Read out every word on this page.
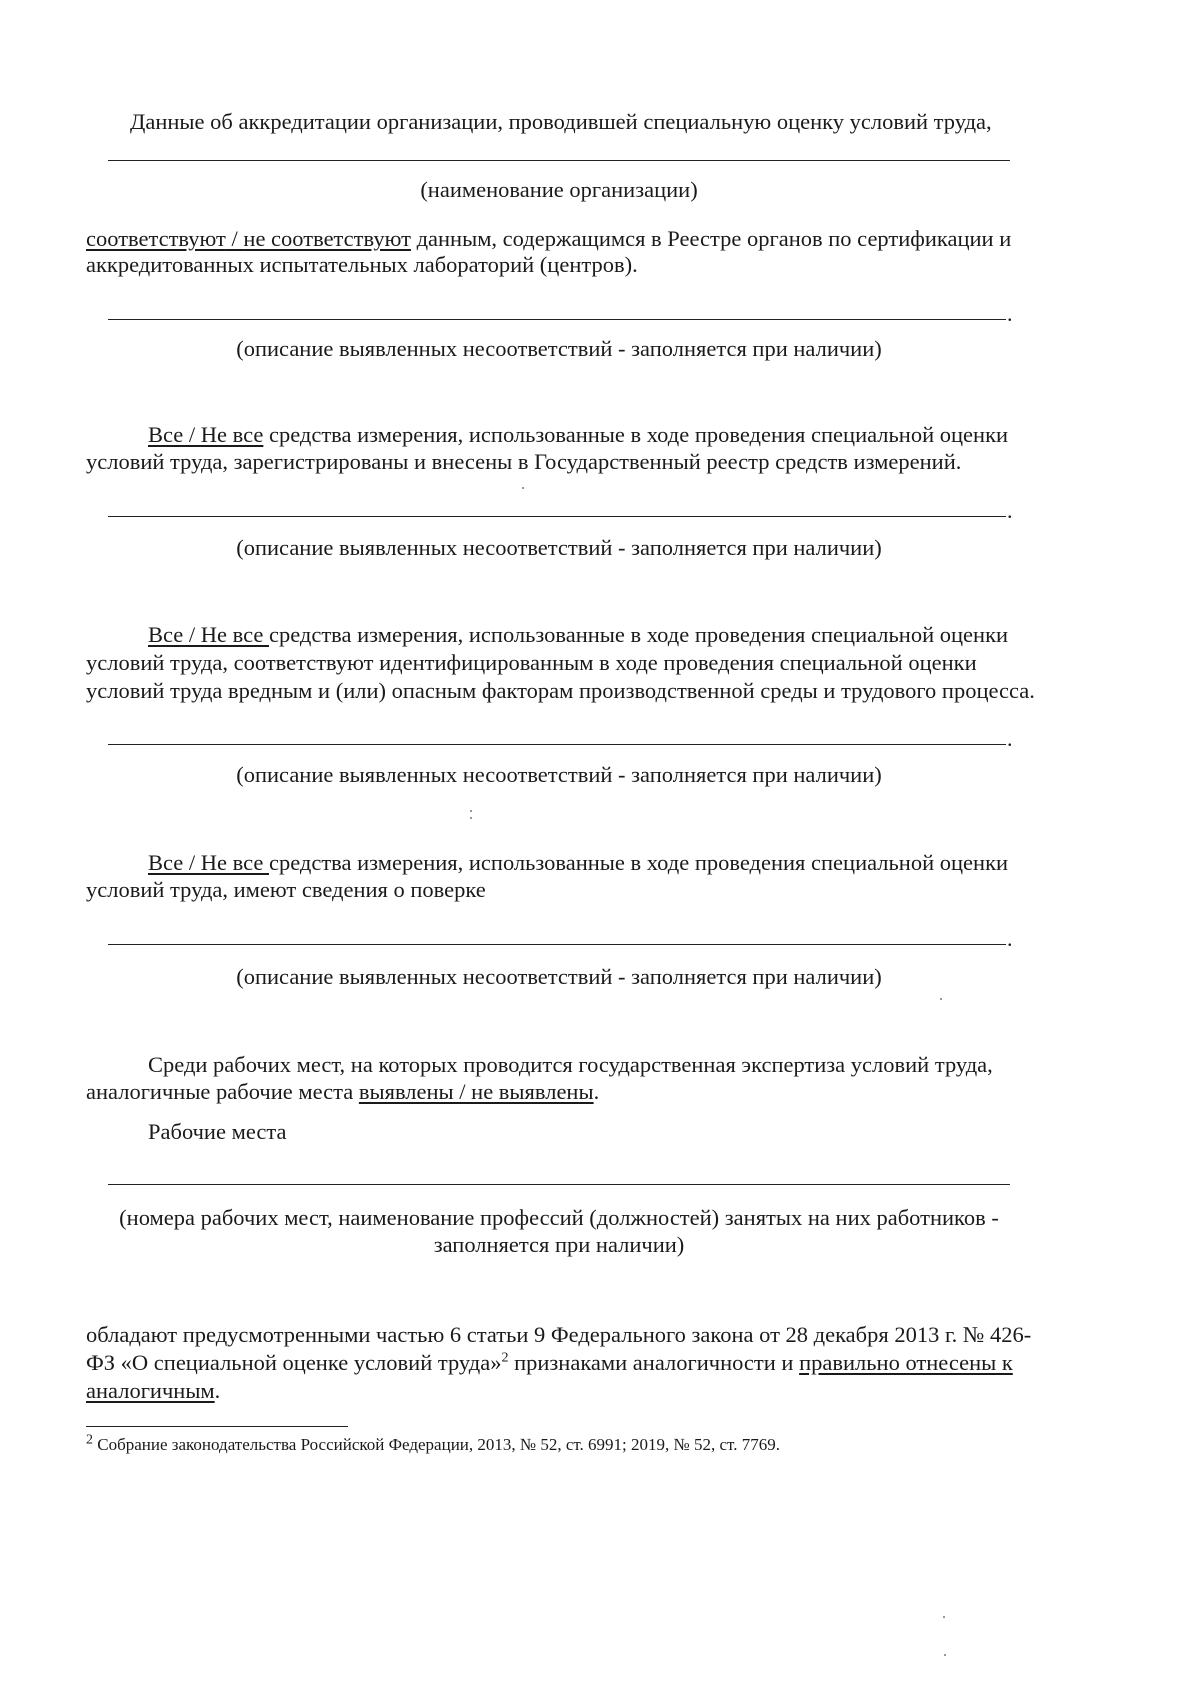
Данные об аккредитации организации, проводившей специальную оценку условий труда,
(наименование организации)
соответствуют / не соответствуют данным, содержащимся в Реестре органов по сертификации и
аккредитованных испытательных лабораторий (центров).
.
(описание выявленных несоответствий - заполняется при наличии)
Все / Не все средства измерения, использованные в ходе проведения специальной оценки
условий труда, зарегистрированы и внесены в Государственный реестр средств измерений.
.
(описание выявленных несоответствий - заполняется при наличии)
Все / Не все средства измерения, использованные в ходе проведения специальной оценки
условий труда, соответствуют идентифицированным в ходе проведения специальной оценки
условий труда вредным и (или) опасным факторам производственной среды и трудового процесса.
.
(описание выявленных несоответствий - заполняется при наличии)
Все / Не все средства измерения, использованные в ходе проведения специальной оценки
условий труда, имеют сведения о поверке
.
(описание выявленных несоответствий - заполняется при наличии)
Среди рабочих мест, на которых проводится государственная экспертиза условий труда,
аналогичные рабочие места выявлены / не выявлены.
Рабочие места
(номера рабочих мест, наименование профессий (должностей) занятых на них работников -
заполняется при наличии)
обладают предусмотренными частью 6 статьи 9 Федерального закона от 28 декабря 2013 г. № 426-
ФЗ «О специальной оценке условий труда»$^2$ признаками аналогичности и правильно отнесены к
аналогичным.
$^2$ Собрание законодательства Российской Федерации, 2013, № 52, ст. 6991; 2019, № 52, ст. 7769.
